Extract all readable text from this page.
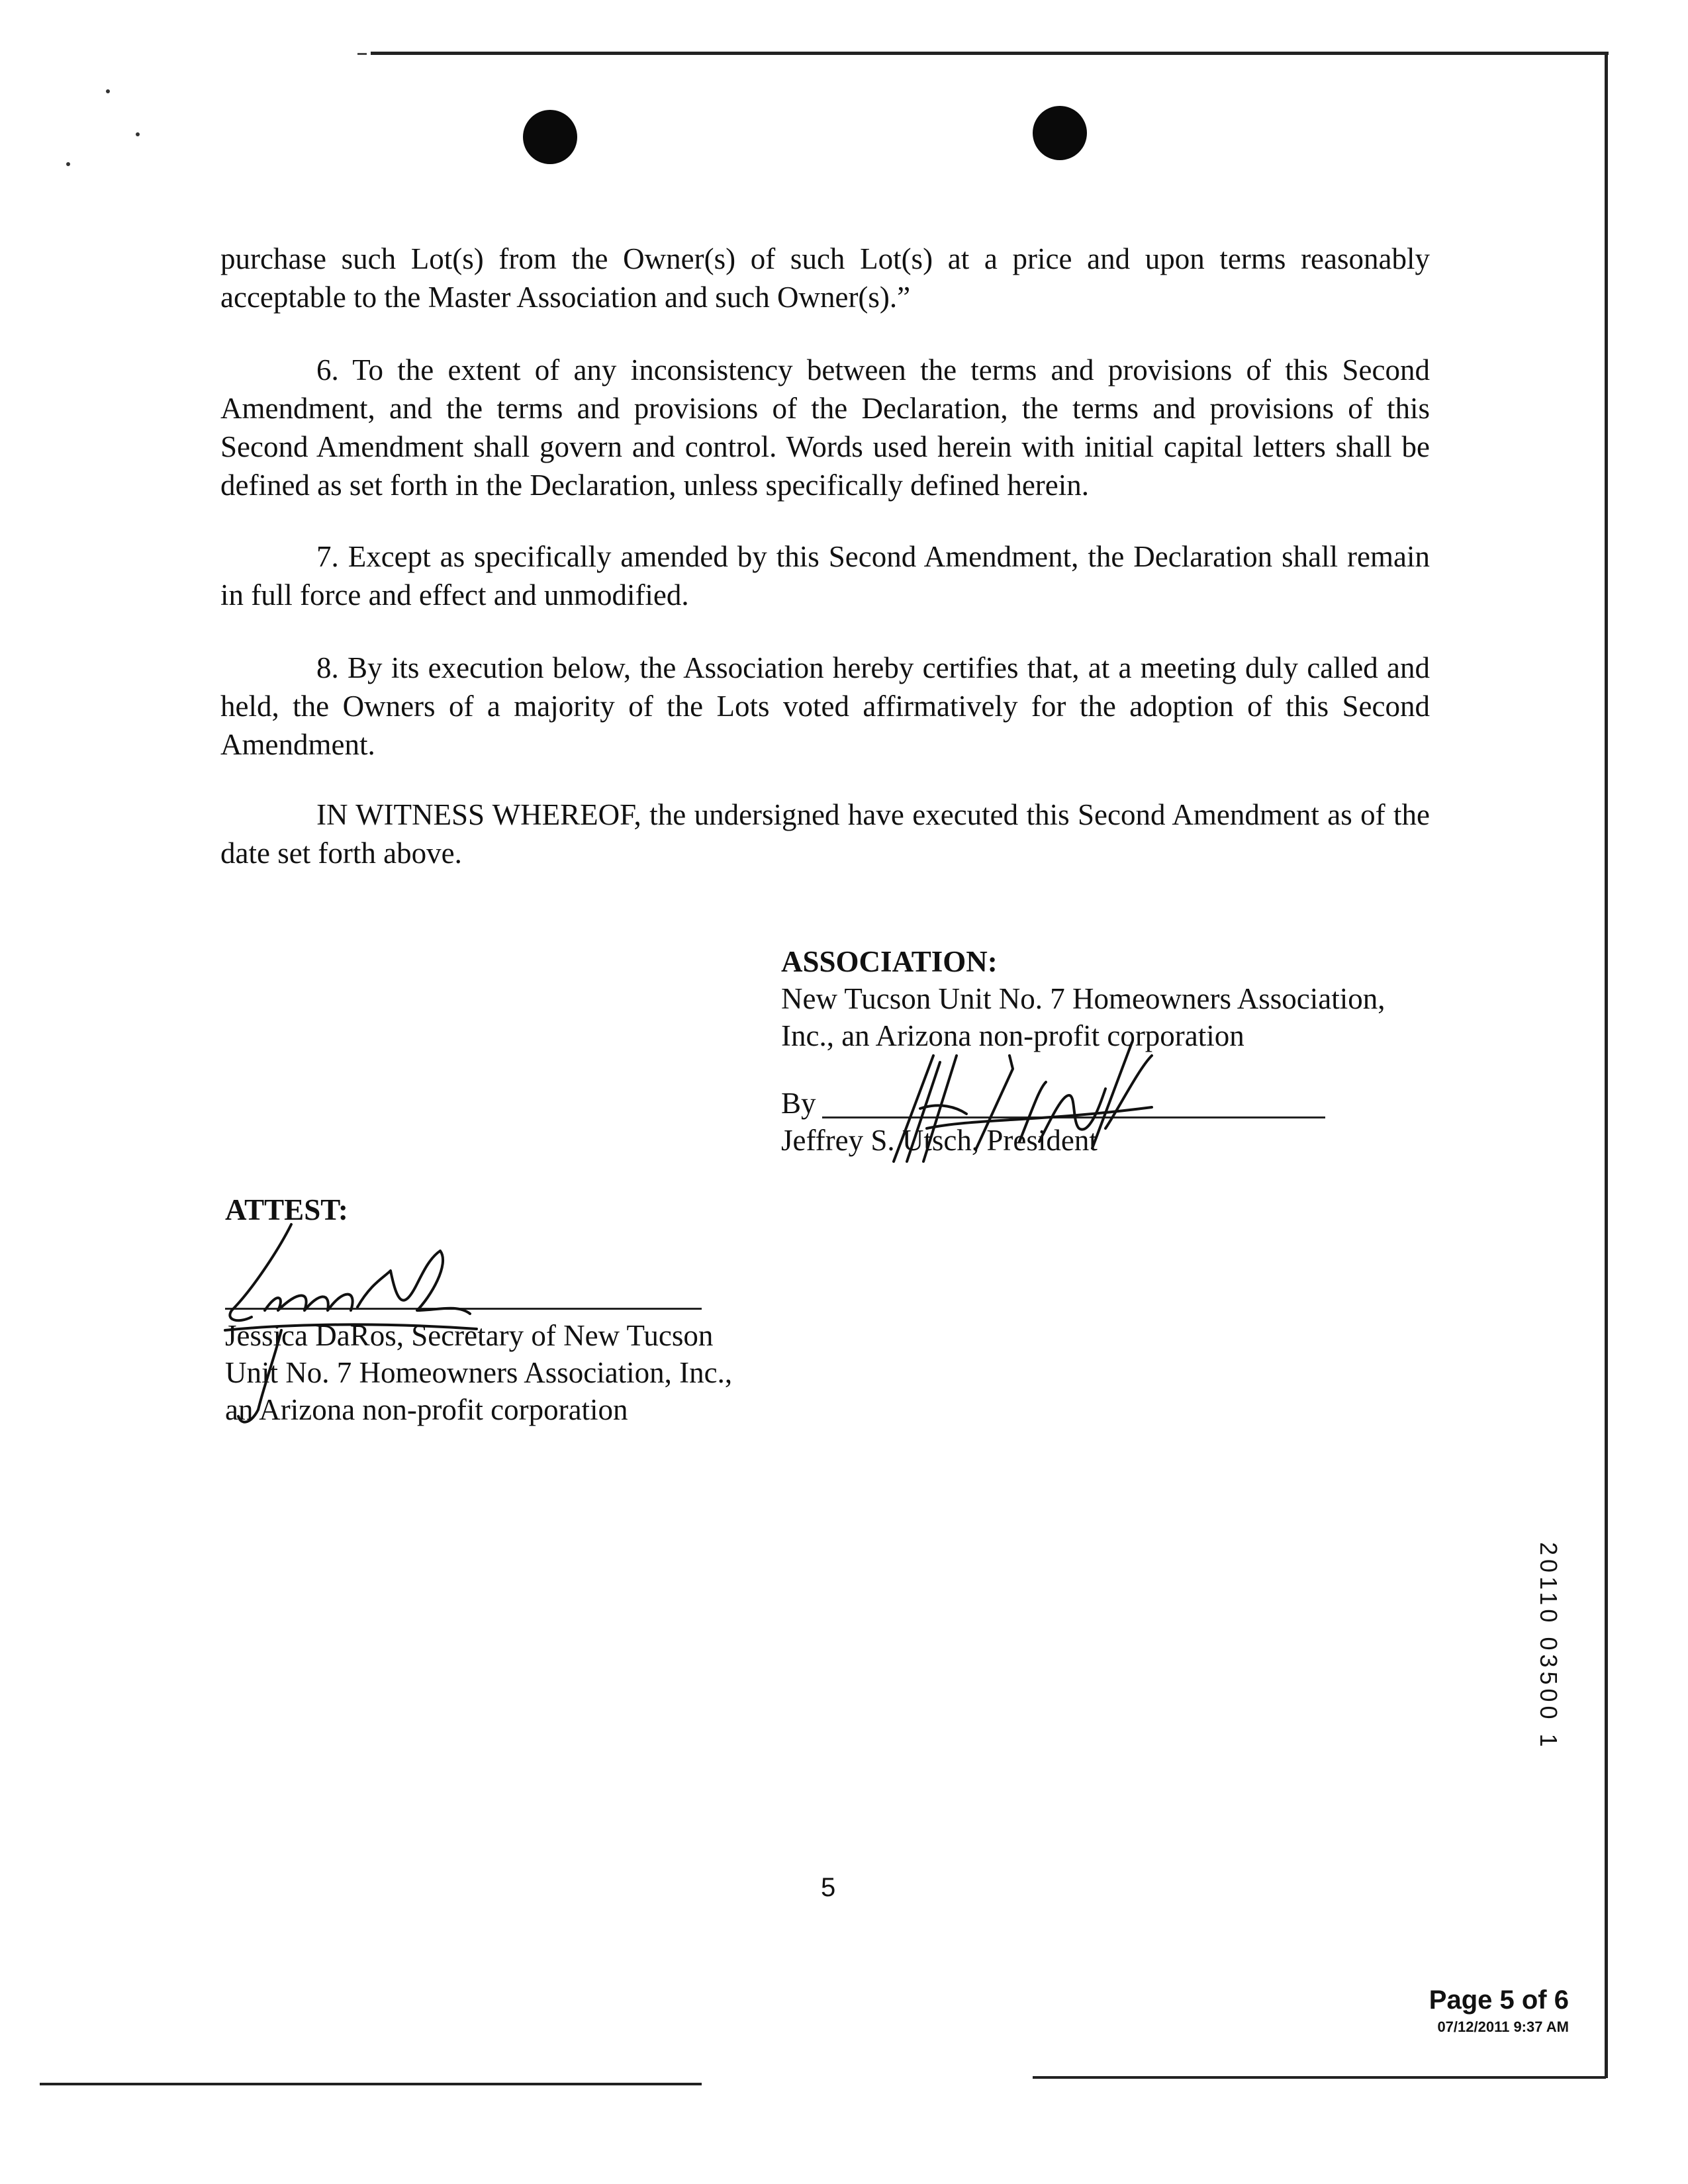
purchase such Lot(s) from the Owner(s) of such Lot(s) at a price and upon terms reasonably acceptable to the Master Association and such Owner(s).”

6. To the extent of any inconsistency between the terms and provisions of this Second Amendment, and the terms and provisions of the Declaration, the terms and provisions of this Second Amendment shall govern and control. Words used herein with initial capital letters shall be defined as set forth in the Declaration, unless specifically defined herein.

7. Except as specifically amended by this Second Amendment, the Declaration shall remain in full force and effect and unmodified.

8. By its execution below, the Association hereby certifies that, at a meeting duly called and held, the Owners of a majority of the Lots voted affirmatively for the adoption of this Second Amendment.

IN WITNESS WHEREOF, the undersigned have executed this Second Amendment as of the date set forth above.

ASSOCIATION:

New Tucson Unit No. 7 Homeowners Association,

Inc., an Arizona non-profit corporation

By

Jeffrey S. Utsch, President

ATTEST:

Jessica DaRos, Secretary of New Tucson

Unit No. 7 Homeowners Association, Inc.,

an Arizona non-profit corporation

5
Page 5 of 6
07/12/2011 9:37 AM
20110 03500 1
